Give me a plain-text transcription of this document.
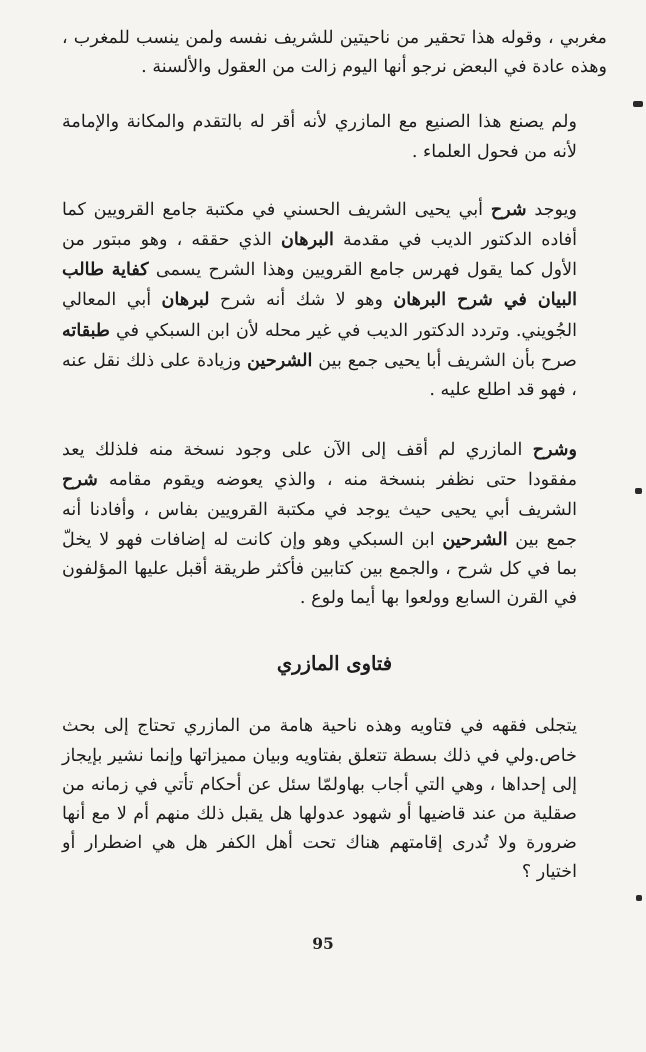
مغربي ، وقوله هذا تحقير من ناحيتين للشريف نفسه ولمن ينسب للمغرب ، وهذه عادة في البعض نرجو أنها اليوم زالت من العقول والألسنة .

ولم يصنع هذا الصنيع مع المازري لأنه أقر له بالتقدم والمكانة والإمامة لأنه من فحول العلماء .

ويوجد شرح أبي يحيى الشريف الحسني في مكتبة جامع القرويين كما أفاده الدكتور الديب في مقدمة البرهان الذي حققه ، وهو مبتور من الأول كما يقول فهرس جامع القرويين وهذا الشرح يسمى كفاية طالب البيان في شرح البرهان وهو لا شك أنه شرح لبرهان أبي المعالي الجُويني. وتردد الدكتور الديب في غير محله لأن ابن السبكي في طبقاته صرح بأن الشريف أبا يحيى جمع بين الشرحين وزيادة على ذلك نقل عنه ، فهو قد اطلع عليه .

وشرح المازري لم أقف إلى الآن على وجود نسخة منه فلذلك يعد مفقودا حتى نظفر بنسخة منه ، والذي يعوضه ويقوم مقامه شرح الشريف أبي يحيى حيث يوجد في مكتبة القرويين بفاس ، وأفادنا أنه جمع بين الشرحين ابن السبكي وهو وإن كانت له إضافات فهو لا يخلّ بما في كل شرح ، والجمع بين كتابين فأكثر طريقة أقبل عليها المؤلفون في القرن السابع وولعوا بها أيما ولوع .

فتاوى المازري

يتجلى فقهه في فتاويه وهذه ناحية هامة من المازري تحتاج إلى بحث خاص.ولي في ذلك بسطة تتعلق بفتاويه وبيان مميزاتها وإنما نشير بإيجاز إلى إحداها ، وهي التي أجاب بهاولمّا سئل عن أحكام تأتي في زمانه من صقلية من عند قاضيها أو شهود عدولها هل يقبل ذلك منهم أم لا مع أنها ضرورة ولا تُدرى إقامتهم هناك تحت أهل الكفر هل هي اضطرار أو اختيار ؟

95
